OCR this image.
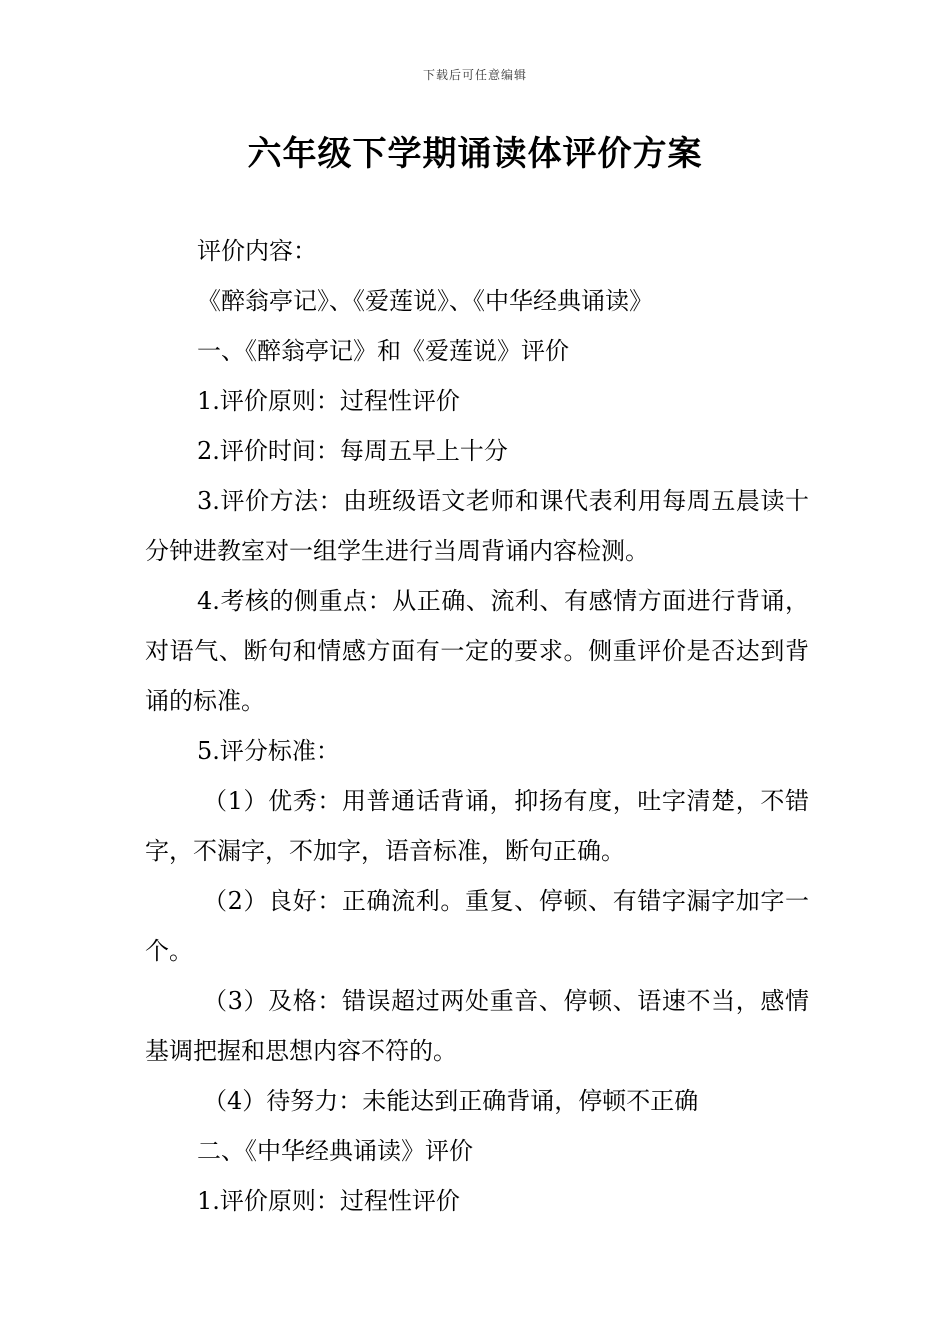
下载后可任意编辑
六年级下学期诵读体评价方案

评价内容：

《醉翁亭记》、《爱莲说》、《中华经典诵读》

一、《醉翁亭记》和《爱莲说》评价

1.评价原则：过程性评价

2.评价时间：每周五早上十分

3.评价方法：由班级语文老师和课代表利用每周五晨读十分钟进教室对一组学生进行当周背诵内容检测。

4.考核的侧重点：从正确、流利、有感情方面进行背诵，对语气、断句和情感方面有一定的要求。侧重评价是否达到背诵的标准。

5.评分标准：

（1）优秀：用普通话背诵，抑扬有度，吐字清楚，不错字，不漏字，不加字，语音标准，断句正确。

（2）良好：正确流利。重复、停顿、有错字漏字加字一个。

（3）及格：错误超过两处重音、停顿、语速不当，感情基调把握和思想内容不符的。

（4）待努力：未能达到正确背诵，停顿不正确

二、《中华经典诵读》评价

1.评价原则：过程性评价
